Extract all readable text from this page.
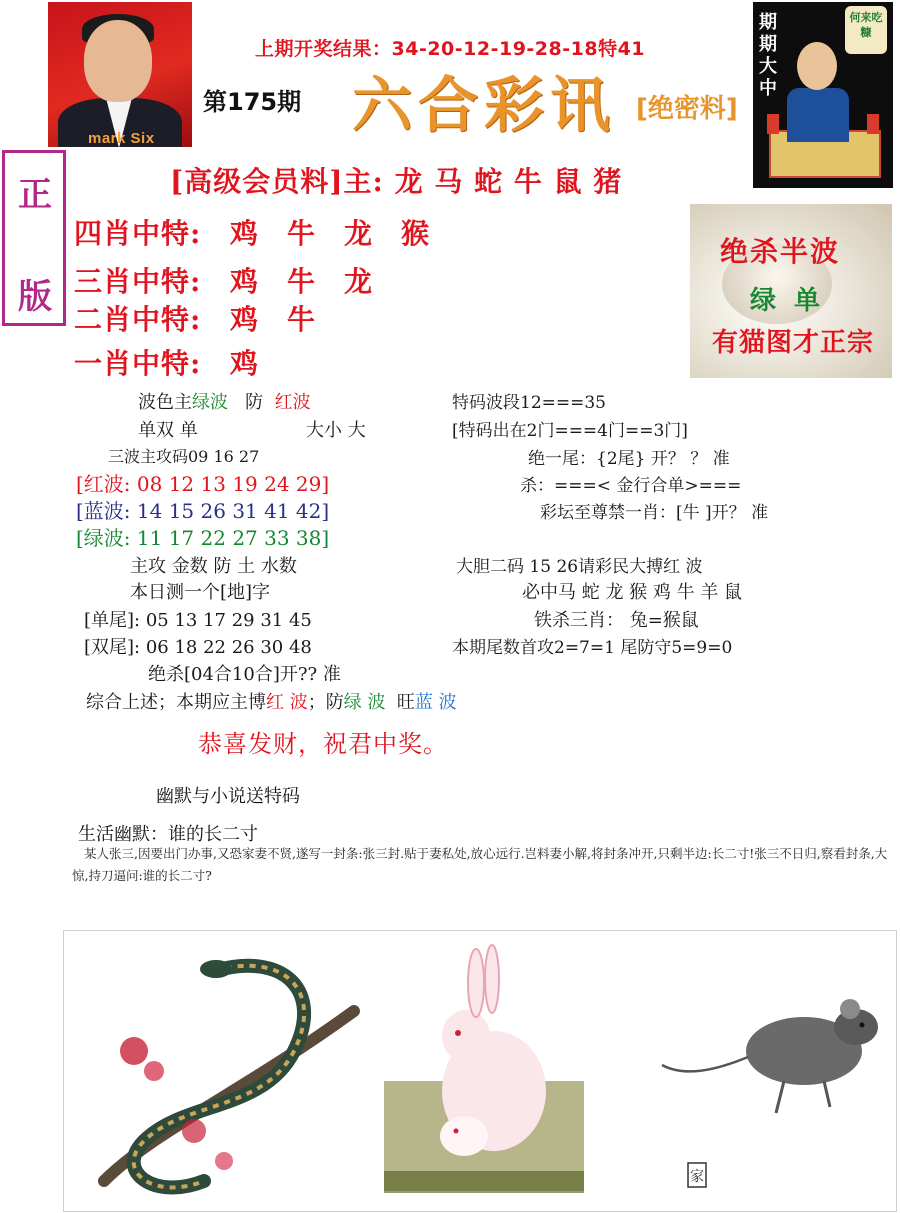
mark Six
上期开奖结果：34-20-12-19-28-18特41
第175期 六合彩讯 [绝密料]
期期大中
何来吃糠
正
版
[高级会员料]主: 龙 马 蛇 牛 鼠 猪
四肖中特: 鸡 牛 龙 猴
三肖中特: 鸡 牛 龙
二肖中特: 鸡 牛
一肖中特: 鸡
绝杀半波
绿单
有猫图才正宗
波色主绿波 防 红波
单双 单	大小 大
三波主攻码09 16 27
[红波: 08 12 13 19 24 29]
[蓝波: 14 15 26 31 41 42]
[绿波: 11 17 22 27 33 38]
主攻 金数 防 土 水数
本日测一个[地]字
[单尾]: 05 13 17 29 31 45
[双尾]: 06 18 22 26 30 48
绝杀[04合10合]开?? 准
综合上述；本期应主博红 波；防绿 波 旺蓝 波
特码波段12===35
[特码出在2门===4门==3门]
绝一尾：{2尾} 开？ ？ 准
杀：===< 金行合单>===
彩坛至尊禁一肖：[牛 ]开？ 准
大胆二码 15 26请彩民大搏红 波
必中马 蛇 龙 猴 鸡 牛 羊 鼠
铁杀三肖： 兔=猴鼠
本期尾数首攻2=7=1 尾防守5=9=0
恭喜发财，祝君中奖。
幽默与小说送特码
生活幽默：谁的长二寸
某人张三,因要出门办事,又恐家妻不贤,遂写一封条:张三封.贴于妻私处,放心远行.岂料妻小解,将封条冲开,只剩半边:长二寸!张三不日归,察看封条,大惊,持刀逼问:谁的长二寸?
家
